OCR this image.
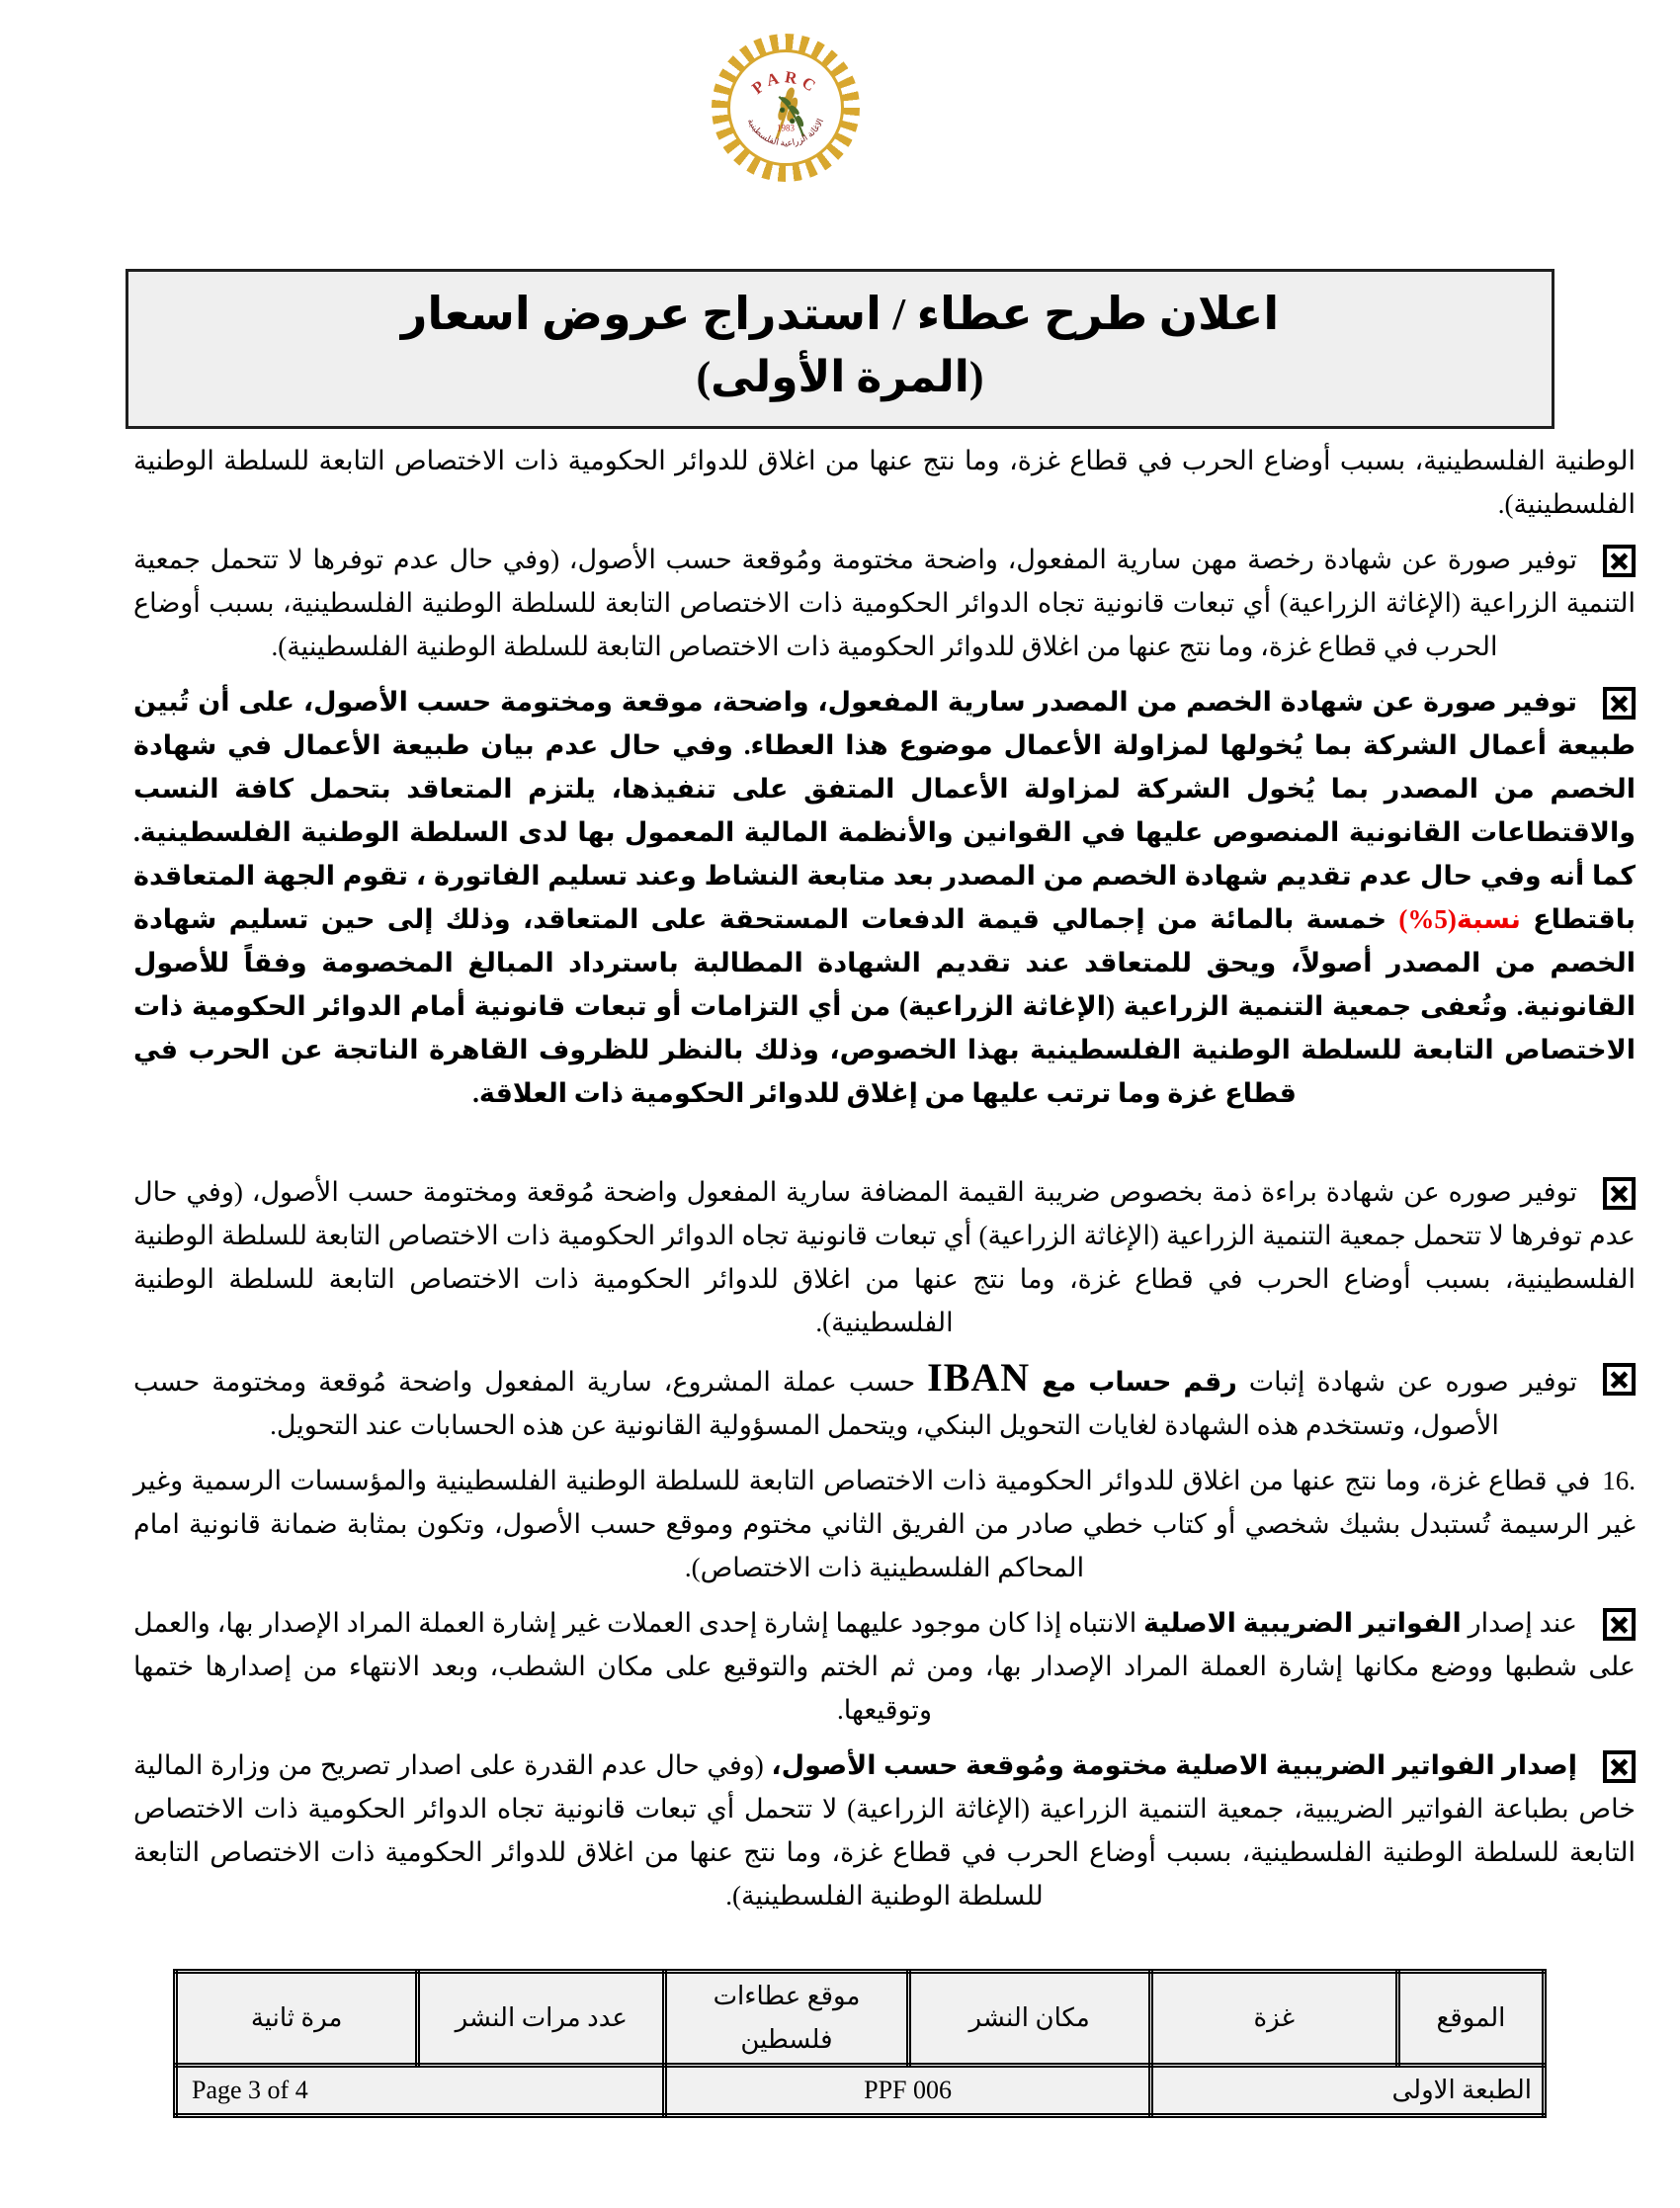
PARC
1983
الاغاثة الزراعية الفلسطينية
اعلان طرح عطاء / استدراج عروض اسعار
(المرة الأولى)

الوطنية الفلسطينية، بسبب أوضاع الحرب في قطاع غزة، وما نتج عنها من اغلاق للدوائر الحكومية ذات الاختصاص التابعة للسلطة الوطنية الفلسطينية).

×
توفير صورة عن شهادة رخصة مهن سارية المفعول، واضحة مختومة ومُوقعة حسب الأصول، (وفي حال عدم توفرها لا تتحمل جمعية التنمية الزراعية (الإغاثة الزراعية) أي تبعات قانونية تجاه الدوائر الحكومية ذات الاختصاص التابعة للسلطة الوطنية الفلسطينية، بسبب أوضاع الحرب في قطاع غزة، وما نتج عنها من اغلاق للدوائر الحكومية ذات الاختصاص التابعة للسلطة الوطنية الفلسطينية).
×
توفير صورة عن شهادة الخصم من المصدر سارية المفعول، واضحة، موقعة ومختومة حسب الأصول، على أن تُبين طبيعة أعمال الشركة بما يُخولها لمزاولة الأعمال موضوع هذا العطاء. وفي حال عدم بيان طبيعة الأعمال في شهادة الخصم من المصدر بما يُخول الشركة لمزاولة الأعمال المتفق على تنفيذها، يلتزم المتعاقد بتحمل كافة النسب والاقتطاعات القانونية المنصوص عليها في القوانين والأنظمة المالية المعمول بها لدى السلطة الوطنية الفلسطينية. كما أنه وفي حال عدم تقديم شهادة الخصم من المصدر بعد متابعة النشاط وعند تسليم الفاتورة ، تقوم الجهة المتعاقدة باقتطاع نسبة(5%) خمسة بالمائة من إجمالي قيمة الدفعات المستحقة على المتعاقد، وذلك إلى حين تسليم شهادة الخصم من المصدر أصولاً، ويحق للمتعاقد عند تقديم الشهادة المطالبة باسترداد المبالغ المخصومة وفقاً للأصول القانونية. وتُعفى جمعية التنمية الزراعية (الإغاثة الزراعية) من أي التزامات أو تبعات قانونية أمام الدوائر الحكومية ذات الاختصاص التابعة للسلطة الوطنية الفلسطينية بهذا الخصوص، وذلك بالنظر للظروف القاهرة الناتجة عن الحرب في قطاع غزة وما ترتب عليها من إغلاق للدوائر الحكومية ذات العلاقة.
×
توفير صوره عن شهادة براءة ذمة بخصوص ضريبة القيمة المضافة سارية المفعول واضحة مُوقعة ومختومة حسب الأصول، (وفي حال عدم توفرها لا تتحمل جمعية التنمية الزراعية (الإغاثة الزراعية) أي تبعات قانونية تجاه الدوائر الحكومية ذات الاختصاص التابعة للسلطة الوطنية الفلسطينية، بسبب أوضاع الحرب في قطاع غزة، وما نتج عنها من اغلاق للدوائر الحكومية ذات الاختصاص التابعة للسلطة الوطنية الفلسطينية).
×
توفير صوره عن شهادة إثبات رقم حساب مع IBAN حسب عملة المشروع، سارية المفعول واضحة مُوقعة ومختومة حسب الأصول، وتستخدم هذه الشهادة لغايات التحويل البنكي، ويتحمل المسؤولية القانونية عن هذه الحسابات عند التحويل.
16.
في قطاع غزة، وما نتج عنها من اغلاق للدوائر الحكومية ذات الاختصاص التابعة للسلطة الوطنية الفلسطينية والمؤسسات الرسمية وغير غير الرسيمة تُستبدل بشيك شخصي أو كتاب خطي صادر من الفريق الثاني مختوم وموقع حسب الأصول، وتكون بمثابة ضمانة قانونية امام المحاكم الفلسطينية ذات الاختصاص).
×
عند إصدار الفواتير الضريبية الاصلية الانتباه إذا كان موجود عليهما إشارة إحدى العملات غير إشارة العملة المراد الإصدار بها، والعمل على شطبها ووضع مكانها إشارة العملة المراد الإصدار بها، ومن ثم الختم والتوقيع على مكان الشطب، وبعد الانتهاء من إصدارها ختمها وتوقيعها.
×
إصدار الفواتير الضريبية الاصلية مختومة ومُوقعة حسب الأصول، (وفي حال عدم القدرة على اصدار تصريح من وزارة المالية خاص بطباعة الفواتير الضريبية، جمعية التنمية الزراعية (الإغاثة الزراعية) لا تتحمل أي تبعات قانونية تجاه الدوائر الحكومية ذات الاختصاص التابعة للسلطة الوطنية الفلسطينية، بسبب أوضاع الحرب في قطاع غزة، وما نتج عنها من اغلاق للدوائر الحكومية ذات الاختصاص التابعة للسلطة الوطنية الفلسطينية).
الموقع	غزة	مكان النشر	موقع عطاءات فلسطين	عدد مرات النشر	مرة ثانية
الطبعة الاولى		PPF 006		Page 3 of 4	
